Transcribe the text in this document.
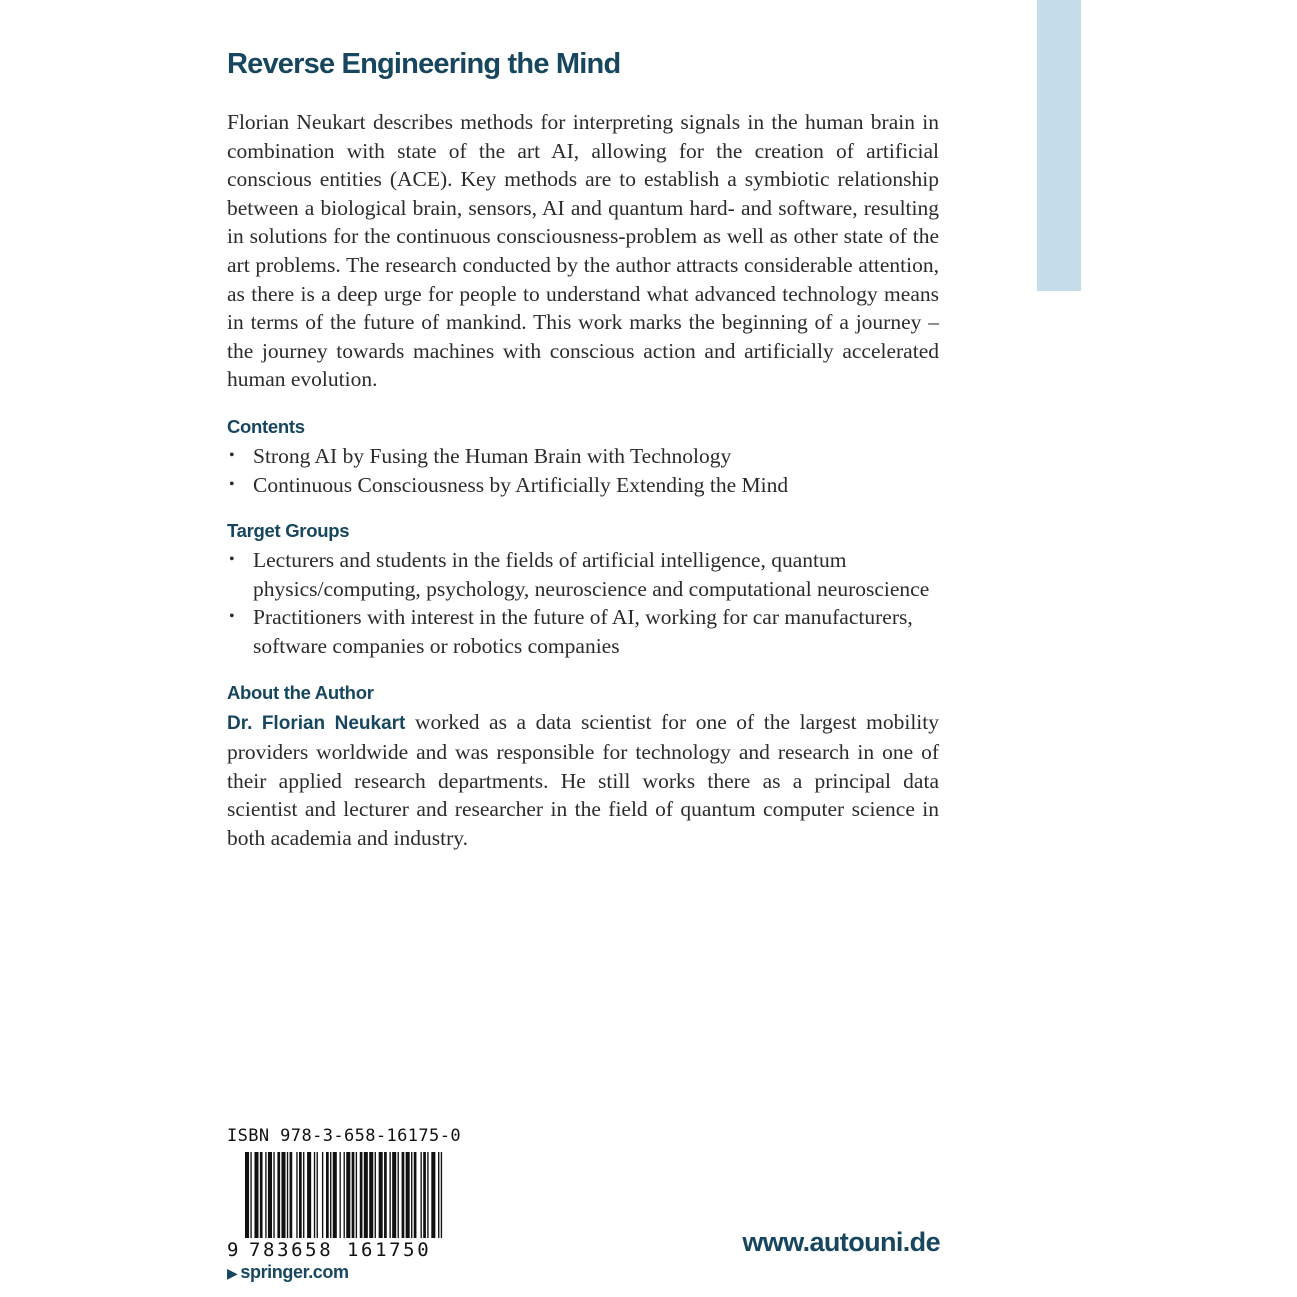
Reverse Engineering the Mind

Florian Neukart describes methods for interpreting signals in the human brain in combination with state of the art AI, allowing for the creation of artificial conscious entities (ACE). Key methods are to establish a symbiotic relationship between a biological brain, sensors, AI and quantum hard- and software, resulting in solutions for the continuous consciousness-problem as well as other state of the art problems. The research conducted by the author attracts considerable attention, as there is a deep urge for people to understand what advanced technology means in terms of the future of mankind. This work marks the beginning of a journey – the journey towards machines with conscious action and artificially accelerated human evolution.

Contents
• Strong AI by Fusing the Human Brain with Technology
• Continuous Consciousness by Artificially Extending the Mind
Target Groups
• Lecturers and students in the fields of artificial intelligence, quantum physics/computing, psychology, neuroscience and computational neuroscience
• Practitioners with interest in the future of AI, working for car manufacturers, software companies or robotics companies
About the Author

Dr. Florian Neukart worked as a data scientist for one of the largest mobility providers worldwide and was responsible for technology and research in one of their applied research departments. He still works there as a principal data scientist and lecturer and researcher in the field of quantum computer science in both academia and industry.

ISBN 978-3-658-16175-0
9 783658 161750
▶ springer.com
www.autouni.de
